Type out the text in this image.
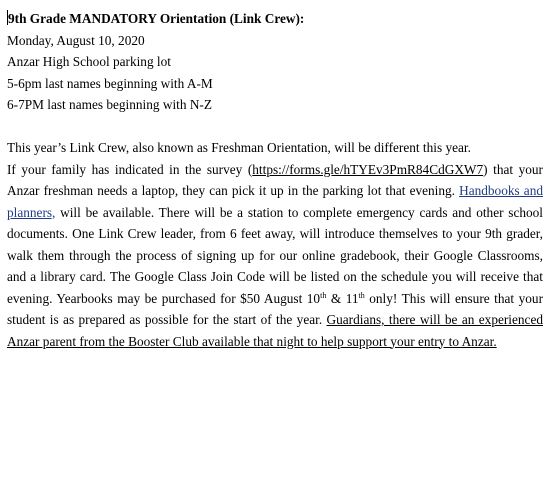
9th Grade MANDATORY Orientation (Link Crew):
Monday, August 10, 2020
Anzar High School parking lot
5-6pm last names beginning with A-M
6-7PM last names beginning with N-Z
This year’s Link Crew, also known as Freshman Orientation, will be different this year.

If your family has indicated in the survey (https://forms.gle/hTYEv3PmR84CdGXW7) that your Anzar freshman needs a laptop, they can pick it up in the parking lot that evening. Handbooks and planners, will be available. There will be a station to complete emergency cards and other school documents. One Link Crew leader, from 6 feet away, will introduce themselves to your 9th grader, walk them through the process of signing up for our online gradebook, their Google Classrooms, and a library card. The Google Class Join Code will be listed on the schedule you will receive that evening. Yearbooks may be purchased for $50 August 10th & 11th only! This will ensure that your student is as prepared as possible for the start of the year. Guardians, there will be an experienced Anzar parent from the Booster Club available that night to help support your entry to Anzar.
